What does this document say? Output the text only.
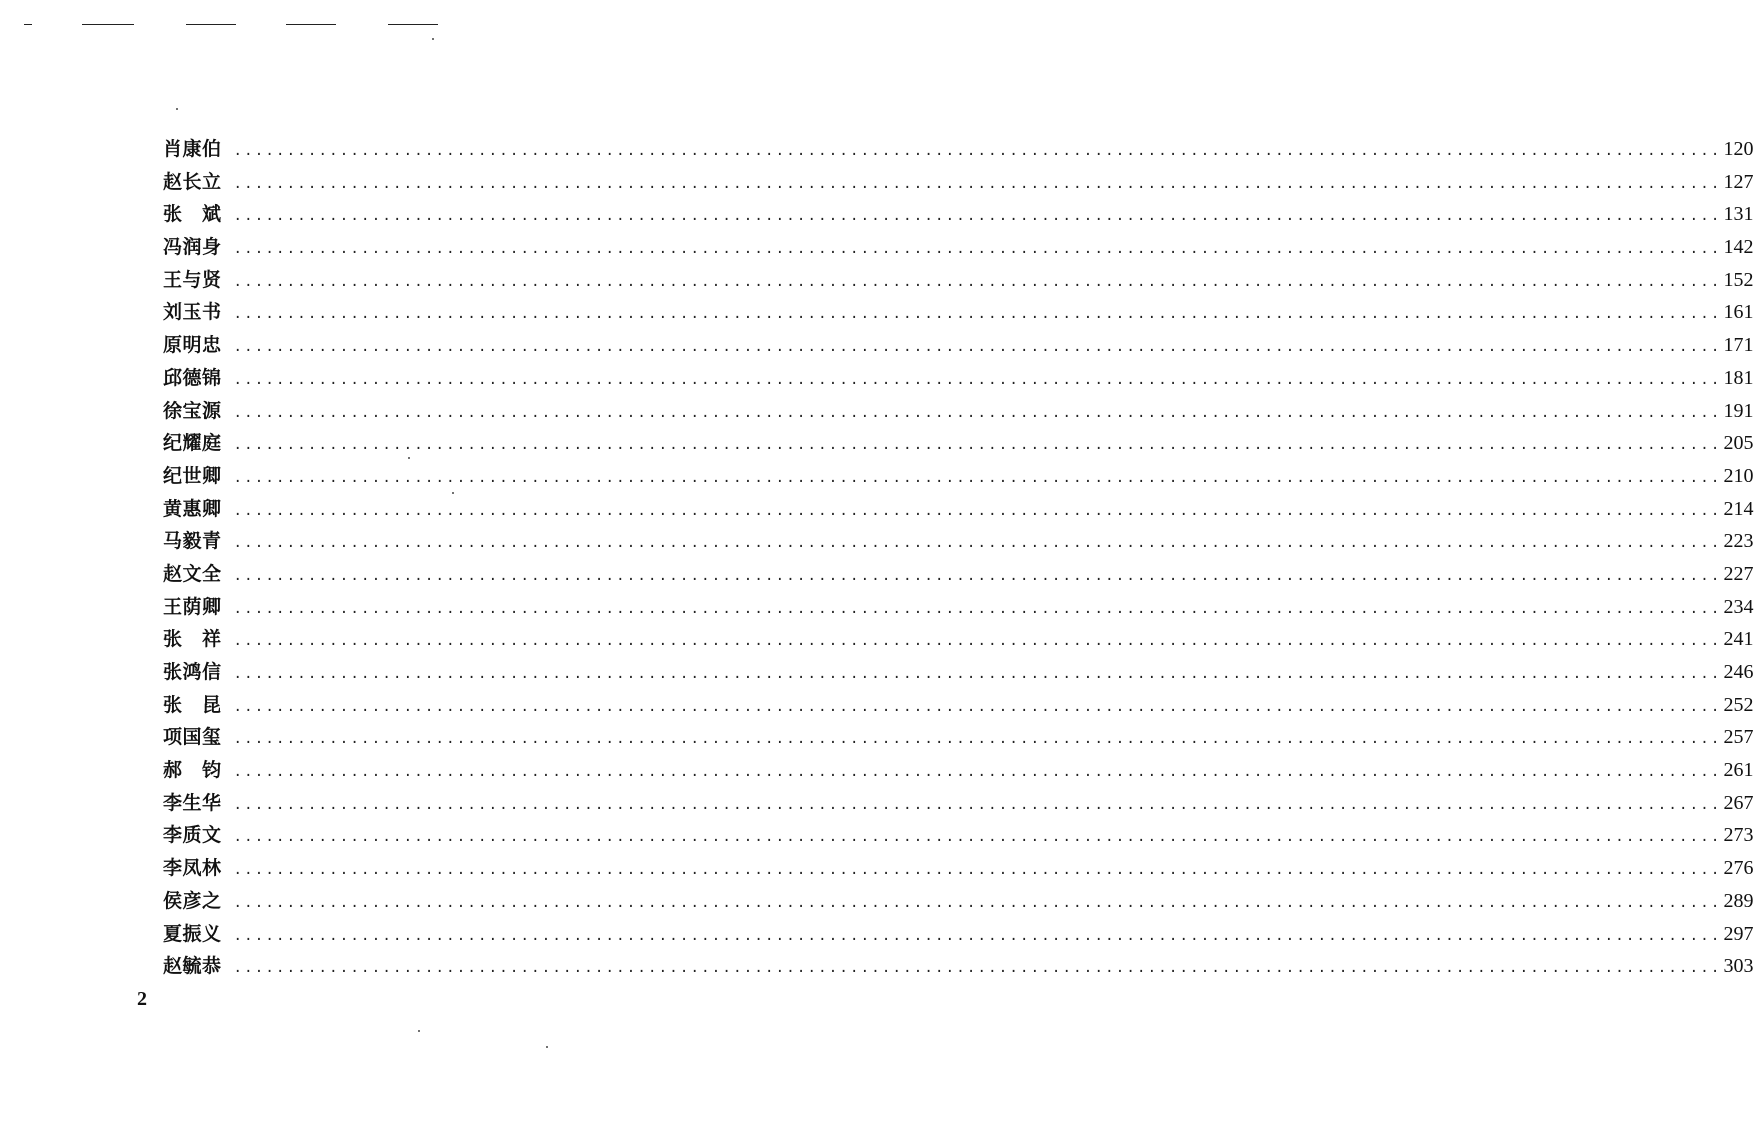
肖康伯 ............................................................................................................................................ 120
赵长立 ............................................................................................................................................ 127
张　斌 ............................................................................................................................................ 131
冯润身 ............................................................................................................................................ 142
王与贤 ............................................................................................................................................ 152
刘玉书 ............................................................................................................................................ 161
原明忠 ............................................................................................................................................ 171
邱德锦 ............................................................................................................................................ 181
徐宝源 ............................................................................................................................................ 191
纪耀庭 ............................................................................................................................................ 205
纪世卿 ............................................................................................................................................ 210
黄惠卿 ............................................................................................................................................ 214
马毅青 ............................................................................................................................................ 223
赵文全 ............................................................................................................................................ 227
王荫卿 ............................................................................................................................................ 234
张　祥 ............................................................................................................................................ 241
张鸿信 ............................................................................................................................................ 246
张　昆 ............................................................................................................................................ 252
项国玺 ............................................................................................................................................ 257
郝　钧 ............................................................................................................................................ 261
李生华 ............................................................................................................................................ 267
李质文 ............................................................................................................................................ 273
李凤林 ............................................................................................................................................ 276
侯彦之 ............................................................................................................................................ 289
夏振义 ............................................................................................................................................ 297
赵毓恭 ............................................................................................................................................ 303
2
